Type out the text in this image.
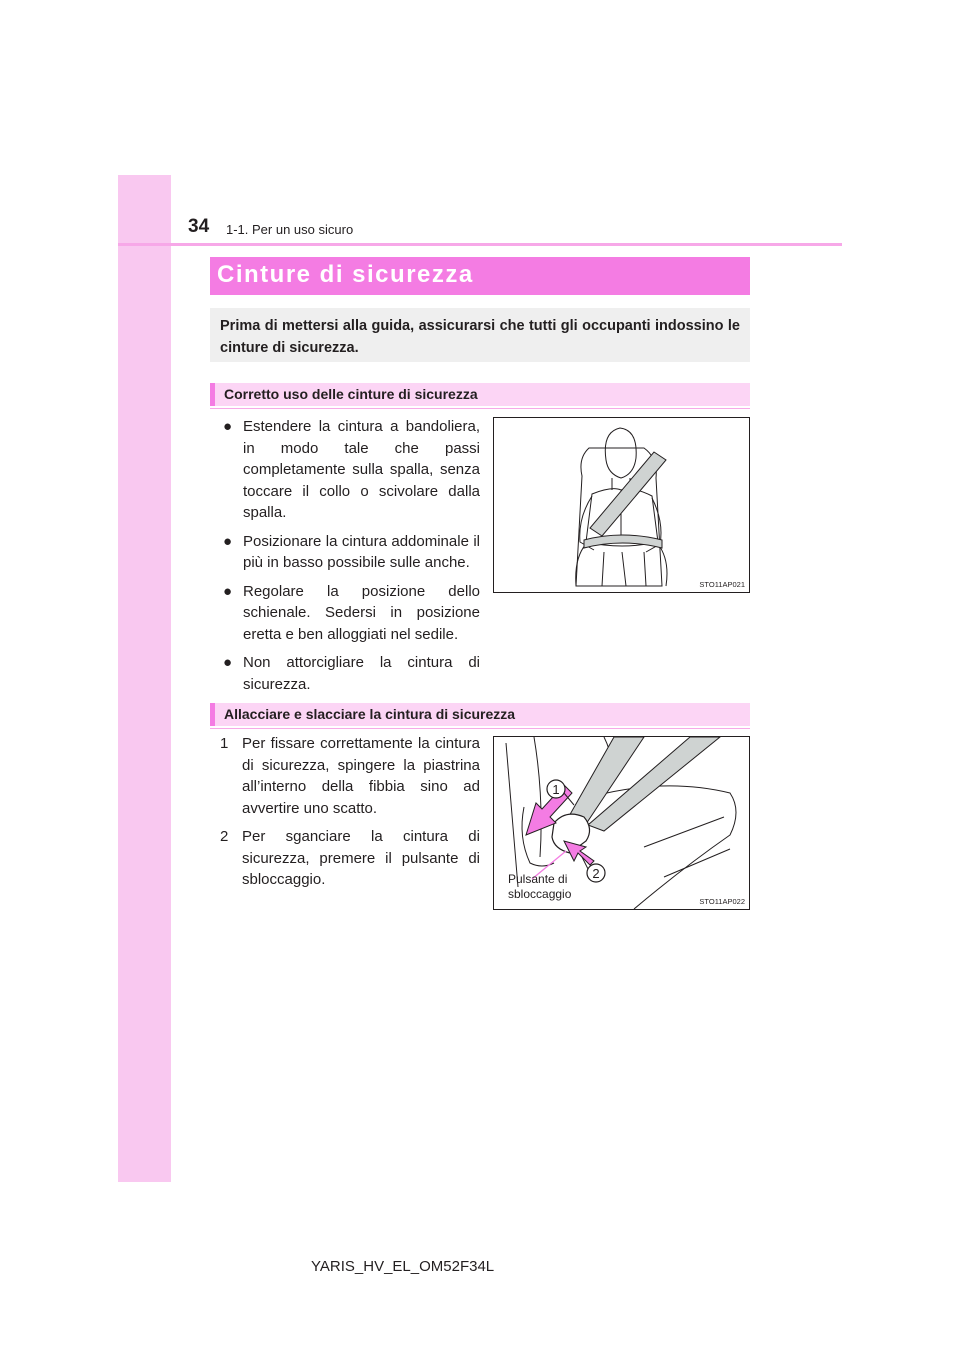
34 1-1. Per un uso sicuro
Cinture di sicurezza
Prima di mettersi alla guida, assicurarsi che tutti gli occupanti indossino le cinture di sicurezza.
Corretto uso delle cinture di sicurezza
● Estendere la cintura a bandoliera, in modo tale che passi completamente sulla spalla, senza toccare il collo o scivolare dalla spalla.
● Posizionare la cintura addominale il più in basso possibile sulle anche.
● Regolare la posizione dello schienale. Sedersi in posizione eretta e ben alloggiati nel sedile.
● Non attorcigliare la cintura di sicurezza.
STO11AP021
Allacciare e slacciare la cintura di sicurezza
1 Per fissare correttamente la cintura di sicurezza, spingere la piastrina all’interno della fibbia sino ad avvertire uno scatto.
2 Per sganciare la cintura di sicurezza, premere il pulsante di sbloccaggio.
1
2
STO11AP022
Pulsante di
sbloccaggio
YARIS_HV_EL_OM52F34L
